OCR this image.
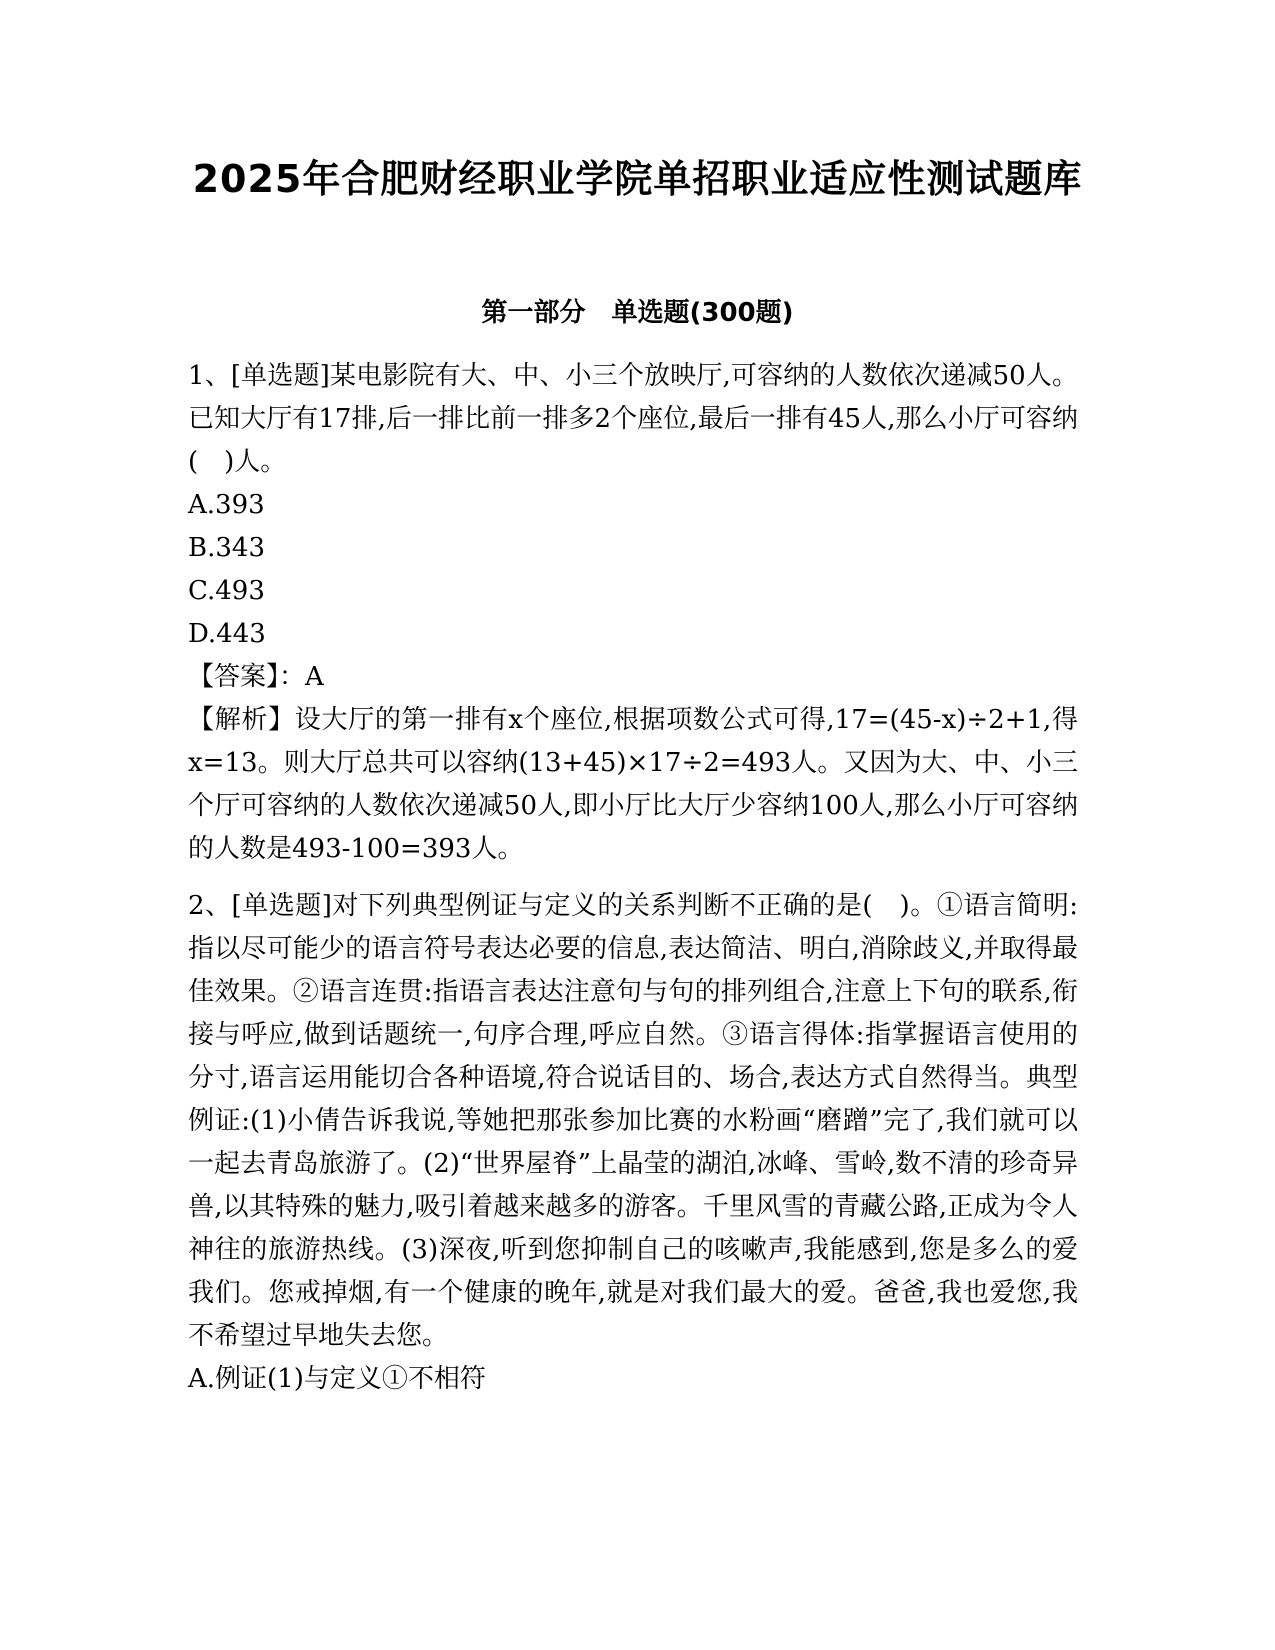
2025年合肥财经职业学院单招职业适应性测试题库
第一部分　单选题(300题)

1、[单选题]某电影院有大、中、小三个放映厅,可容纳的人数依次递减50人。已知大厅有17排,后一排比前一排多2个座位,最后一排有45人,那么小厅可容纳(　)人。

A.393

B.343

C.493

D.443

【答案】：A

【解析】设大厅的第一排有x个座位,根据项数公式可得,17=(45-x)÷2+1,得x=13。则大厅总共可以容纳(13+45)×17÷2=493人。又因为大、中、小三个厅可容纳的人数依次递减50人,即小厅比大厅少容纳100人,那么小厅可容纳的人数是493-100=393人。

2、[单选题]对下列典型例证与定义的关系判断不正确的是(　)。①语言简明:指以尽可能少的语言符号表达必要的信息,表达简洁、明白,消除歧义,并取得最佳效果。②语言连贯:指语言表达注意句与句的排列组合,注意上下句的联系,衔接与呼应,做到话题统一,句序合理,呼应自然。③语言得体:指掌握语言使用的分寸,语言运用能切合各种语境,符合说话目的、场合,表达方式自然得当。典型例证:(1)小倩告诉我说,等她把那张参加比赛的水粉画“磨蹭”完了,我们就可以一起去青岛旅游了。(2)“世界屋脊”上晶莹的湖泊,冰峰、雪岭,数不清的珍奇异兽,以其特殊的魅力,吸引着越来越多的游客。千里风雪的青藏公路,正成为令人神往的旅游热线。(3)深夜,听到您抑制自己的咳嗽声,我能感到,您是多么的爱我们。您戒掉烟,有一个健康的晚年,就是对我们最大的爱。爸爸,我也爱您,我不希望过早地失去您。

A.例证(1)与定义①不相符
